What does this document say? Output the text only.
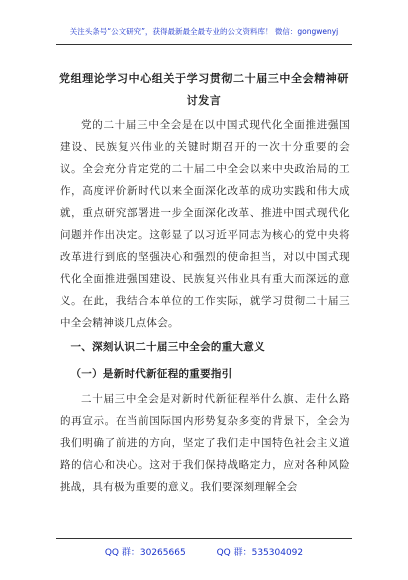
关注头条号“公文研究”，获得最新最全最专业的公文资料库！ 微信：gongwenyj
党组理论学习中心组关于学习贯彻二十届三中全会精神研讨发言

党的二十届三中全会是在以中国式现代化全面推进强国建设、民族复兴伟业的关键时期召开的一次十分重要的会议。全会充分肯定党的二十届二中全会以来中央政治局的工作，高度评价新时代以来全面深化改革的成功实践和伟大成就，重点研究部署进一步全面深化改革、推进中国式现代化问题并作出决定。这彰显了以习近平同志为核心的党中央将改革进行到底的坚强决心和强烈的使命担当，对以中国式现代化全面推进强国建设、民族复兴伟业具有重大而深远的意义。在此，我结合本单位的工作实际，就学习贯彻二十届三中全会精神谈几点体会。

一、深刻认识二十届三中全会的重大意义

（一）是新时代新征程的重要指引

二十届三中全会是对新时代新征程举什么旗、走什么路的再宣示。在当前国际国内形势复杂多变的背景下，全会为我们明确了前进的方向，坚定了我们走中国特色社会主义道路的信心和决心。这对于我们保持战略定力，应对各种风险挑战，具有极为重要的意义。我们要深刻理解全会

QQ 群：30265665	QQ 群：535304092
